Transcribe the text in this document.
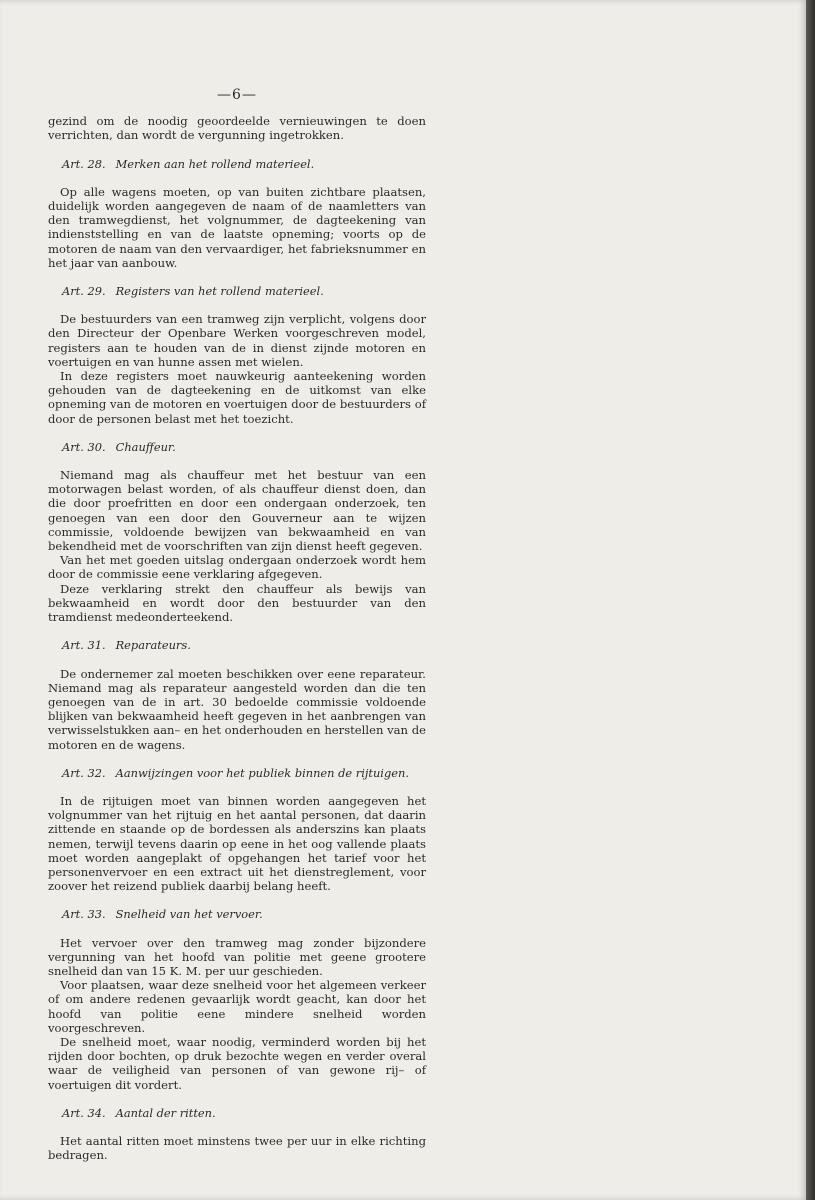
—6—

gezind om de noodig geoordeelde vernieuwingen te doen verrichten, dan wordt de vergunning ingetrokken.

Art. 28. Merken aan het rollend materieel.

Op alle wagens moeten, op van buiten zichtbare plaatsen, duidelijk worden aangegeven de naam of de naamletters van den tramwegdienst, het volgnummer, de dagteekening van indienststelling en van de laatste opneming; voorts op de motoren de naam van den vervaardiger, het fabrieksnummer en het jaar van aanbouw.

Art. 29. Registers van het rollend materieel.

De bestuurders van een tramweg zijn verplicht, volgens door den Directeur der Openbare Werken voorgeschreven model, registers aan te houden van de in dienst zijnde motoren en voertuigen en van hunne assen met wielen.

In deze registers moet nauwkeurig aanteekening worden gehouden van de dagteekening en de uitkomst van elke opneming van de motoren en voertuigen door de bestuurders of door de personen belast met het toezicht.

Art. 30. Chauffeur.

Niemand mag als chauffeur met het bestuur van een motorwagen belast worden, of als chauffeur dienst doen, dan die door proefritten en door een ondergaan onderzoek, ten genoegen van een door den Gouverneur aan te wijzen commissie, voldoende bewijzen van bekwaamheid en van bekendheid met de voorschriften van zijn dienst heeft gegeven.

Van het met goeden uitslag ondergaan onderzoek wordt hem door de commissie eene verklaring afgegeven.

Deze verklaring strekt den chauffeur als bewijs van bekwaamheid en wordt door den bestuurder van den tramdienst medeonderteekend.

Art. 31. Reparateurs.

De ondernemer zal moeten beschikken over eene reparateur. Niemand mag als reparateur aangesteld worden dan die ten genoegen van de in art. 30 bedoelde commissie voldoende blijken van bekwaamheid heeft gegeven in het aanbrengen van verwisselstukken aan– en het onderhouden en herstellen van de motoren en de wagens.

Art. 32. Aanwijzingen voor het publiek binnen de rijtuigen.

In de rijtuigen moet van binnen worden aangegeven het volgnummer van het rijtuig en het aantal personen, dat daarin zittende en staande op de bordessen als anderszins kan plaats nemen, terwijl tevens daarin op eene in het oog vallende plaats moet worden aangeplakt of opgehangen het tarief voor het personenvervoer en een extract uit het dienstreglement, voor zoover het reizend publiek daarbij belang heeft.

Art. 33. Snelheid van het vervoer.

Het vervoer over den tramweg mag zonder bijzondere vergunning van het hoofd van politie met geene grootere snelheid dan van 15 K. M. per uur geschieden.

Voor plaatsen, waar deze snelheid voor het algemeen verkeer of om andere redenen gevaarlijk wordt geacht, kan door het hoofd van politie eene mindere snelheid worden voorgeschreven.

De snelheid moet, waar noodig, verminderd worden bij het rijden door bochten, op druk bezochte wegen en verder overal waar de veiligheid van personen of van gewone rij– of voertuigen dit vordert.

Art. 34. Aantal der ritten.

Het aantal ritten moet minstens twee per uur in elke richting bedragen.
